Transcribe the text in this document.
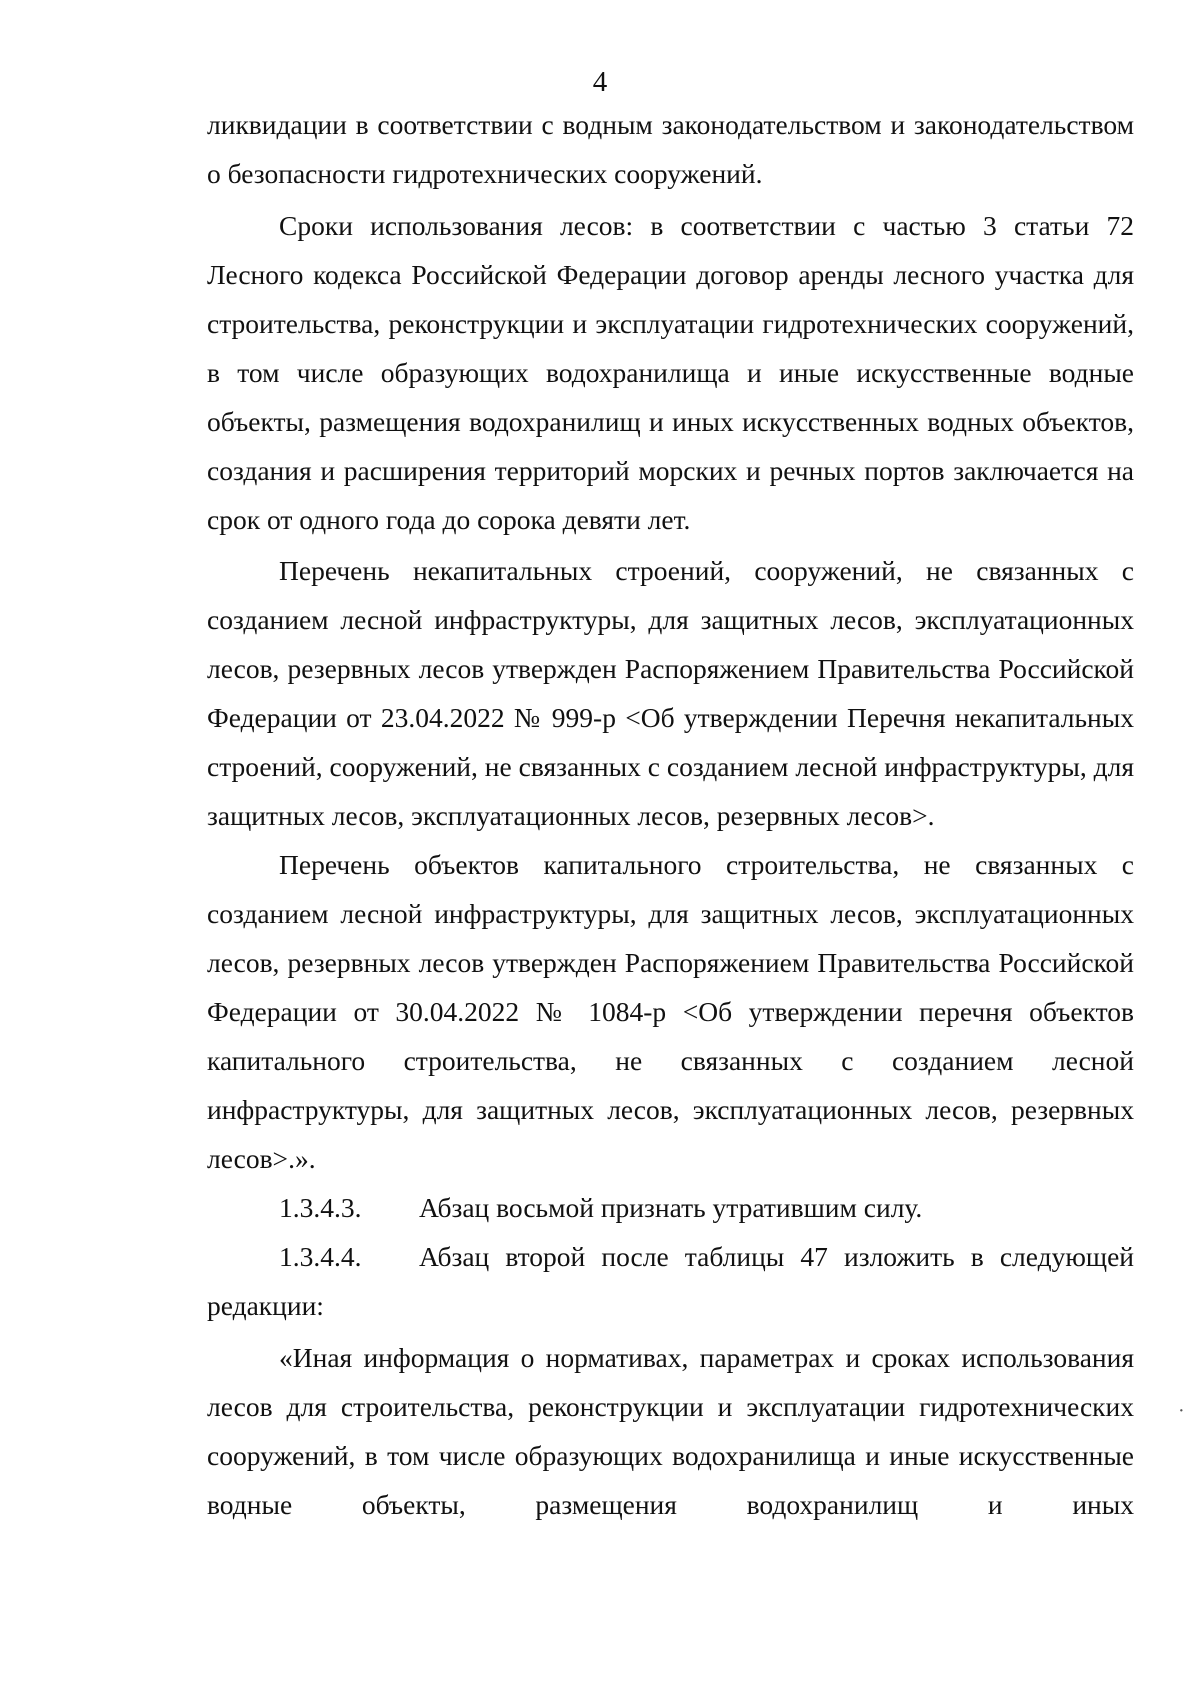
4

ликвидации в соответствии с водным законодательством и законодательством о безопасности гидротехнических сооружений.

Сроки использования лесов: в соответствии с частью 3 статьи 72 Лесного кодекса Российской Федерации договор аренды лесного участка для строительства, реконструкции и эксплуатации гидротехнических сооружений, в том числе образующих водохранилища и иные искусственные водные объекты, размещения водохранилищ и иных искусственных водных объектов, создания и расширения территорий морских и речных портов заключается на срок от одного года до сорока девяти лет.

Перечень некапитальных строений, сооружений, не связанных с созданием лесной инфраструктуры, для защитных лесов, эксплуатационных лесов, резервных лесов утвержден Распоряжением Правительства Российской Федерации от 23.04.2022 № 999-р <Об утверждении Перечня некапитальных строений, сооружений, не связанных с созданием лесной инфраструктуры, для защитных лесов, эксплуатационных лесов, резервных лесов>.

Перечень объектов капитального строительства, не связанных с созданием лесной инфраструктуры, для защитных лесов, эксплуатационных лесов, резервных лесов утвержден Распоряжением Правительства Российской Федерации от 30.04.2022 № 1084-р <Об утверждении перечня объектов капитального строительства, не связанных с созданием лесной инфраструктуры, для защитных лесов, эксплуатационных лесов, резервных лесов>.».

1.3.4.3.	Абзац восьмой признать утратившим силу.
1.3.4.4.	Абзац второй после таблицы 47 изложить в следующей

редакции:

«Иная информация о нормативах, параметрах и сроках использования лесов для строительства, реконструкции и эксплуатации гидротехнических сооружений, в том числе образующих водохранилища и иные искусственные водные объекты, размещения водохранилищ и иных

·
